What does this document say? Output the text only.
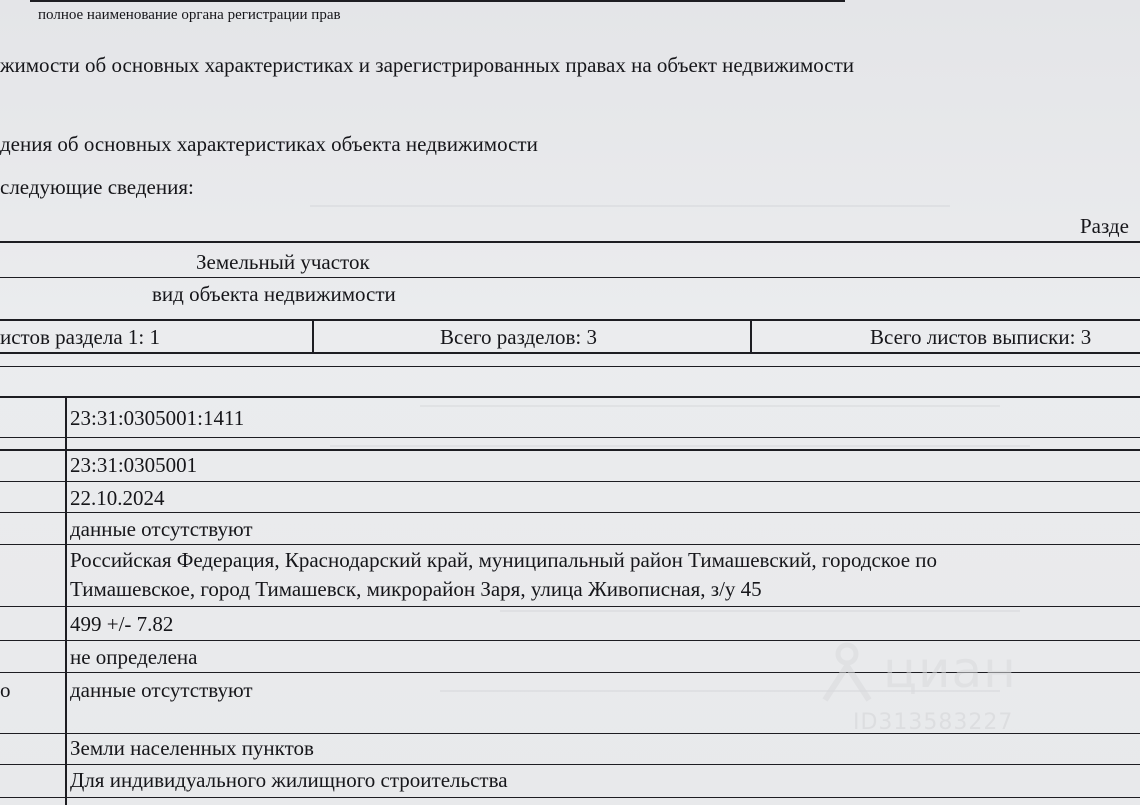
полное наименование органа регистрации прав
жимости об основных характеристиках и зарегистрированных правах на объект недвижимости
дения об основных характеристиках объекта недвижимости
следующие сведения:
Разде
Земельный участок
вид объекта недвижимости
истов раздела 1: 1	Всего разделов: 3	Всего листов выписки: 3
23:31:0305001:1411
23:31:0305001
22.10.2024
данные отсутствуют
Российская Федерация, Краснодарский край, муниципальный район Тимашевский, городское по
Тимашевское, город Тимашевск, микрорайон Заря, улица Живописная, з/у 45
499 +/- 7.82
не определена
о	данные отсутствуют
Земли населенных пунктов
Для индивидуального жилищного строительства
циан
ID313583227
